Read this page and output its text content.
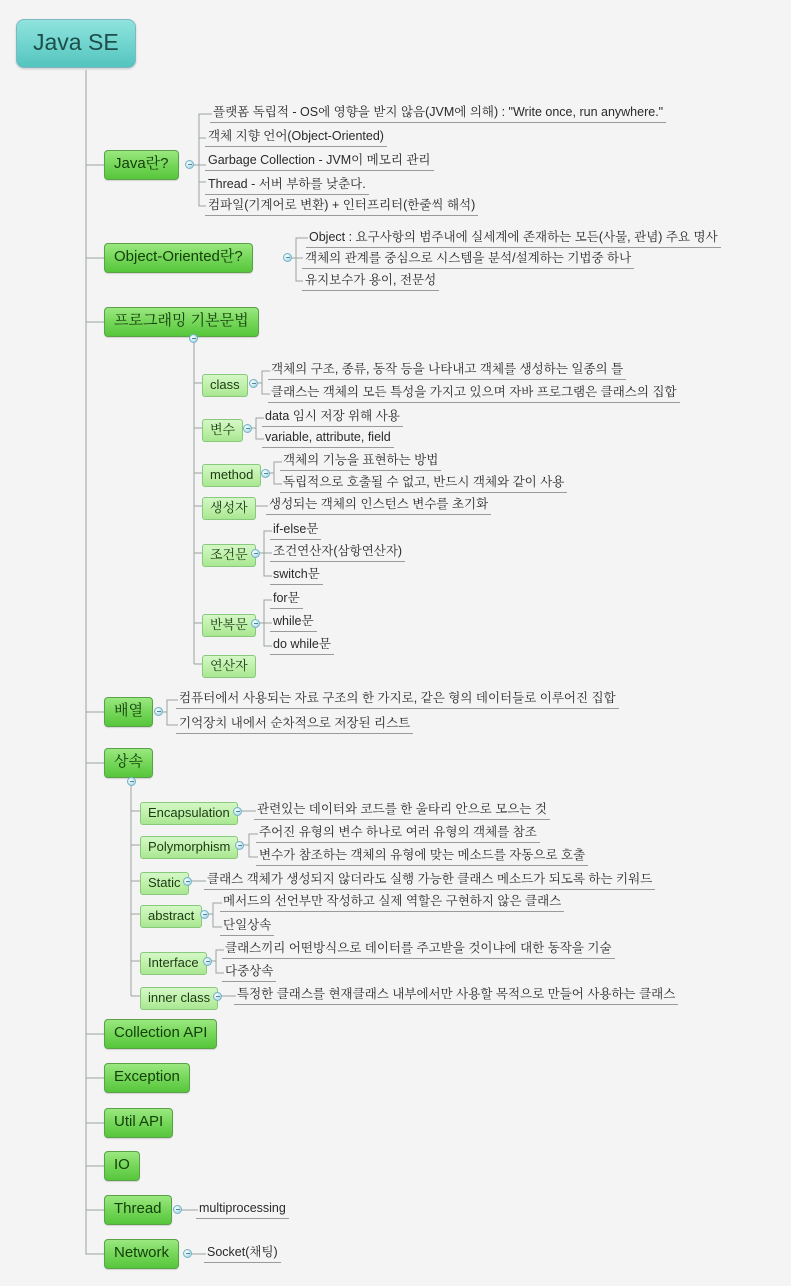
Java SE
Java란?
플랫폼 독립적 - OS에 영향을 받지 않음(JVM에 의해) : "Write once, run anywhere."
객체 지향 언어(Object-Oriented)
Garbage Collection - JVM이 메모리 관리
Thread - 서버 부하를 낮춘다.
컴파일(기계어로 변환) + 인터프리터(한줄씩 해석)
Object-Oriented란?
Object : 요구사항의 범주내에 실세계에 존재하는 모든(사물, 관념) 주요 명사
객체의 관계를 중심으로 시스템을 분석/설계하는 기법중 하나
유지보수가 용이, 전문성
프로그래밍 기본문법
class
객체의 구조, 종류, 동작 등을 나타내고 객체를 생성하는 일종의 틀
클래스는 객체의 모든 특성을 가지고 있으며 자바 프로그램은 클래스의 집합
변수
data 임시 저장 위해 사용
variable, attribute, field
method
객체의 기능을 표현하는 방법
독립적으로 호출될 수 없고, 반드시 객체와 같이 사용
생성자	생성되는 객체의 인스턴스 변수를 초기화
조건문
if-else문
조건연산자(삼항연산자)
switch문
반복문
for문
while문
do while문
연산자
배열
컴퓨터에서 사용되는 자료 구조의 한 가지로, 같은 형의 데이터들로 이루어진 집합
기억장치 내에서 순차적으로 저장된 리스트
상속
Encapsulation	관련있는 데이터와 코드를 한 울타리 안으로 모으는 것
Polymorphism
주어진 유형의 변수 하나로 여러 유형의 객체를 참조
변수가 참조하는 객체의 유형에 맞는 메소드를 자동으로 호출
Static	클래스 객체가 생성되지 않더라도 실행 가능한 클래스 메소드가 되도록 하는 키워드
abstract
메서드의 선언부만 작성하고 실제 역할은 구현하지 않은 클래스
단일상속
Interface
클래스끼리 어떤방식으로 데이터를 주고받을 것이냐에 대한 동작을 기술
다중상속
inner class	특정한 클래스를 현재클래스 내부에서만 사용할 목적으로 만들어 사용하는 클래스
Collection API
Exception
Util API
IO
Thread	multiprocessing
Network	Socket(채팅)
